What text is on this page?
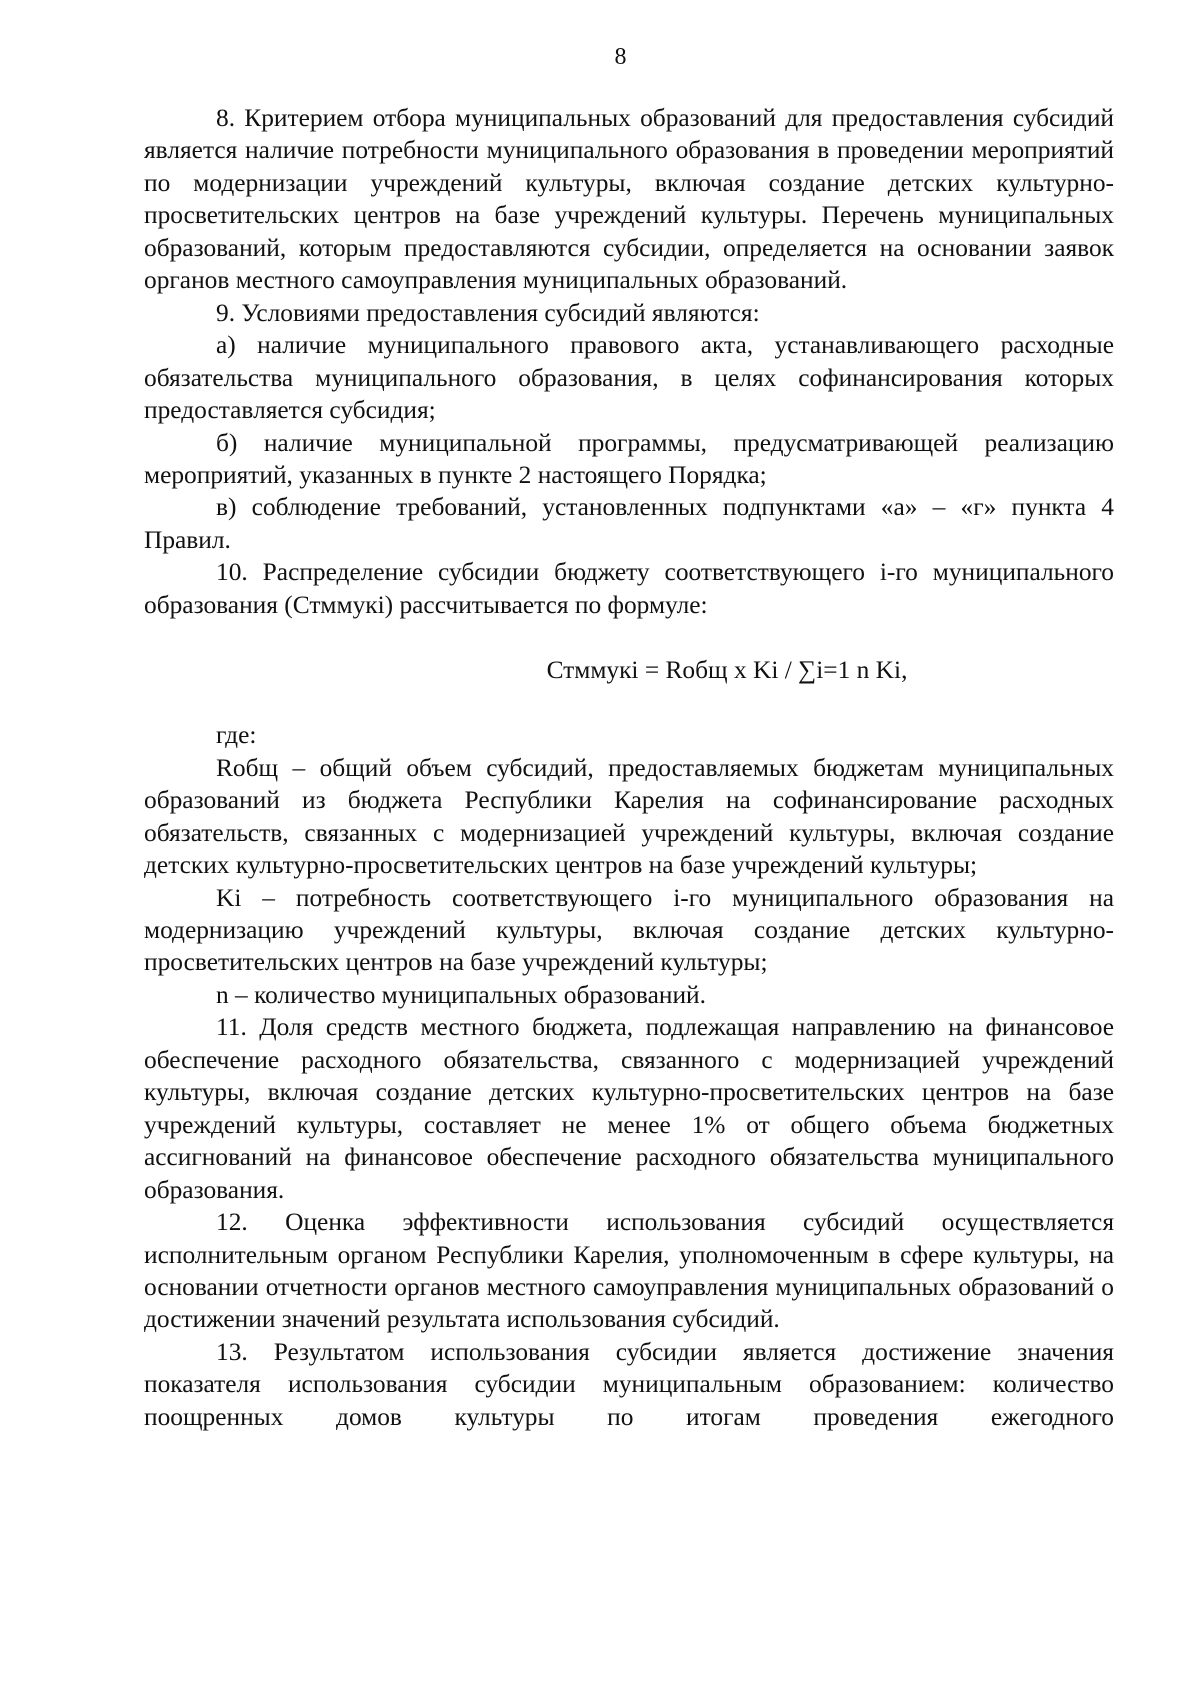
8

8. Критерием отбора муниципальных образований для предоставления субсидий является наличие потребности муниципального образования в проведении мероприятий по модернизации учреждений культуры, включая создание детских культурно-просветительских центров на базе учреждений культуры. Перечень муниципальных образований, которым предоставляются субсидии, определяется на основании заявок органов местного самоуправления муниципальных образований.

9. Условиями предоставления субсидий являются:

а) наличие муниципального правового акта, устанавливающего расходные обязательства муниципального образования, в целях софинансирования которых предоставляется субсидия;

б) наличие муниципальной программы, предусматривающей реализацию мероприятий, указанных в пункте 2 настоящего Порядка;

в) соблюдение требований, установленных подпунктами «а» – «г» пункта 4 Правил.

10. Распределение субсидии бюджету соответствующего i-го муниципального образования (Стммукi) рассчитывается по формуле:

Стммукi = Rобщ x Ki / ∑i=1 n Ki,

где:

Rобщ – общий объем субсидий, предоставляемых бюджетам муниципальных образований из бюджета Республики Карелия на софинансирование расходных обязательств, связанных с модернизацией учреждений культуры, включая создание детских культурно-просветительских центров на базе учреждений культуры;

Ki – потребность соответствующего i-го муниципального образования на модернизацию учреждений культуры, включая создание детских культурно-просветительских центров на базе учреждений культуры;

n – количество муниципальных образований.

11. Доля средств местного бюджета, подлежащая направлению на финансовое обеспечение расходного обязательства, связанного с модернизацией учреждений культуры, включая создание детских культурно-просветительских центров на базе учреждений культуры, составляет не менее 1% от общего объема бюджетных ассигнований на финансовое обеспечение расходного обязательства муниципального образования.

12. Оценка эффективности использования субсидий осуществляется исполнительным органом Республики Карелия, уполномоченным в сфере культуры, на основании отчетности органов местного самоуправления муниципальных образований о достижении значений результата использования субсидий.

13. Результатом использования субсидии является достижение значения показателя использования субсидии муниципальным образованием: количество поощренных домов культуры по итогам проведения ежегодного
